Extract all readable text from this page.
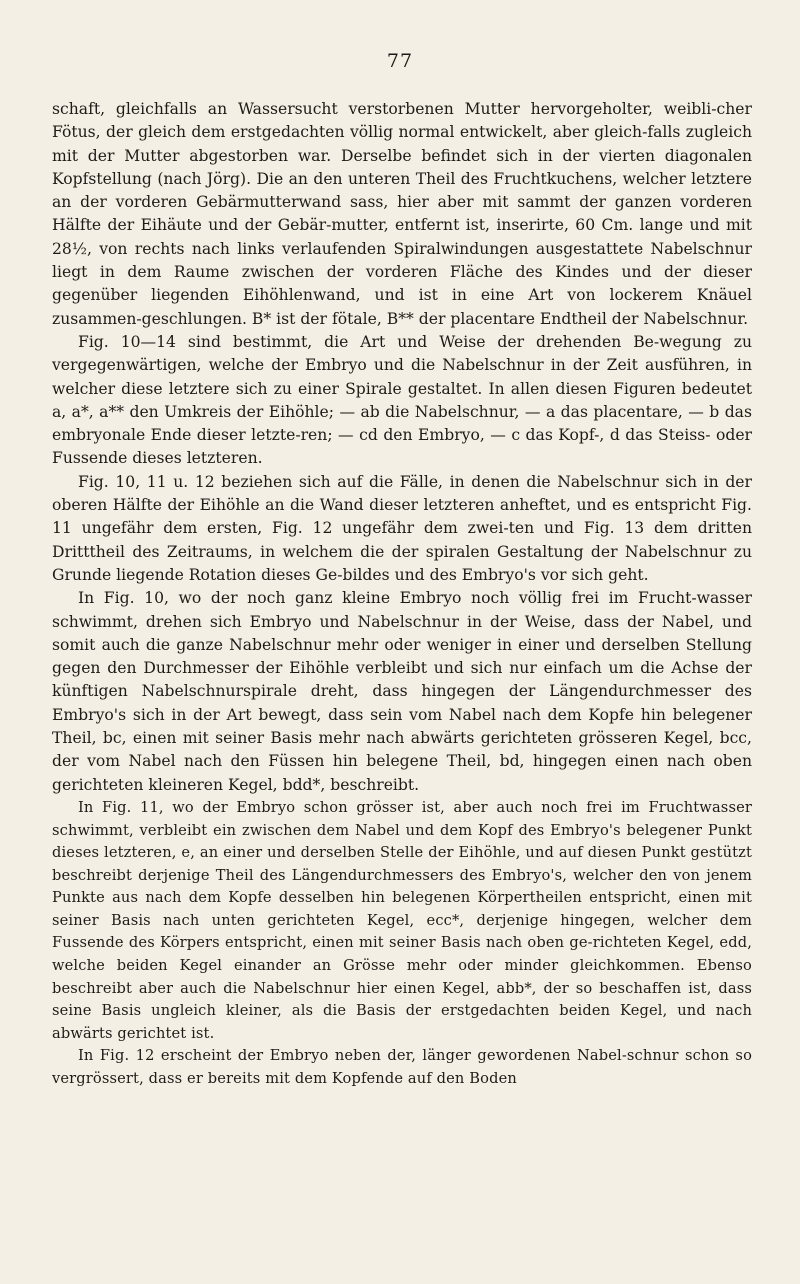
77

schaft, gleichfalls an Wassersucht verstorbenen Mutter hervorgeholter, weibli-cher Fötus, der gleich dem erstgedachten völlig normal entwickelt, aber gleich-falls zugleich mit der Mutter abgestorben war. Derselbe befindet sich in der vierten diagonalen Kopfstellung (nach Jörg). Die an den unteren Theil des Fruchtkuchens, welcher letztere an der vorderen Gebärmutterwand sass, hier aber mit sammt der ganzen vorderen Hälfte der Eihäute und der Gebär-mutter, entfernt ist, inserirte, 60 Cm. lange und mit 28½, von rechts nach links verlaufenden Spiralwindungen ausgestattete Nabelschnur liegt in dem Raume zwischen der vorderen Fläche des Kindes und der dieser gegenüber liegenden Eihöhlenwand, und ist in eine Art von lockerem Knäuel zusammen-geschlungen. B* ist der fötale, B** der placentare Endtheil der Nabelschnur.

Fig. 10—14 sind bestimmt, die Art und Weise der drehenden Be-wegung zu vergegenwärtigen, welche der Embryo und die Nabelschnur in der Zeit ausführen, in welcher diese letztere sich zu einer Spirale gestaltet. In allen diesen Figuren bedeutet a, a*, a** den Umkreis der Eihöhle; — ab die Nabelschnur, — a das placentare, — b das embryonale Ende dieser letzte-ren; — cd den Embryo, — c das Kopf-, d das Steiss- oder Fussende dieses letzteren.

Fig. 10, 11 u. 12 beziehen sich auf die Fälle, in denen die Nabelschnur sich in der oberen Hälfte der Eihöhle an die Wand dieser letzteren anheftet, und es entspricht Fig. 11 ungefähr dem ersten, Fig. 12 ungefähr dem zwei-ten und Fig. 13 dem dritten Dritttheil des Zeitraums, in welchem die der spiralen Gestaltung der Nabelschnur zu Grunde liegende Rotation dieses Ge-bildes und des Embryo's vor sich geht.

In Fig. 10, wo der noch ganz kleine Embryo noch völlig frei im Frucht-wasser schwimmt, drehen sich Embryo und Nabelschnur in der Weise, dass der Nabel, und somit auch die ganze Nabelschnur mehr oder weniger in einer und derselben Stellung gegen den Durchmesser der Eihöhle verbleibt und sich nur einfach um die Achse der künftigen Nabelschnurspirale dreht, dass hingegen der Längendurchmesser des Embryo's sich in der Art bewegt, dass sein vom Nabel nach dem Kopfe hin belegener Theil, bc, einen mit seiner Basis mehr nach abwärts gerichteten grösseren Kegel, bcc, der vom Nabel nach den Füssen hin belegene Theil, bd, hingegen einen nach oben gerichteten kleineren Kegel, bdd*, beschreibt.

In Fig. 11, wo der Embryo schon grösser ist, aber auch noch frei im Fruchtwasser schwimmt, verbleibt ein zwischen dem Nabel und dem Kopf des Embryo's belegener Punkt dieses letzteren, e, an einer und derselben Stelle der Eihöhle, und auf diesen Punkt gestützt beschreibt derjenige Theil des Längendurchmessers des Embryo's, welcher den von jenem Punkte aus nach dem Kopfe desselben hin belegenen Körpertheilen entspricht, einen mit seiner Basis nach unten gerichteten Kegel, ecc*, derjenige hingegen, welcher dem Fussende des Körpers entspricht, einen mit seiner Basis nach oben ge-richteten Kegel, edd, welche beiden Kegel einander an Grösse mehr oder minder gleichkommen. Ebenso beschreibt aber auch die Nabelschnur hier einen Kegel, abb*, der so beschaffen ist, dass seine Basis ungleich kleiner, als die Basis der erstgedachten beiden Kegel, und nach abwärts gerichtet ist.

In Fig. 12 erscheint der Embryo neben der, länger gewordenen Nabel-schnur schon so vergrössert, dass er bereits mit dem Kopfende auf den Boden
